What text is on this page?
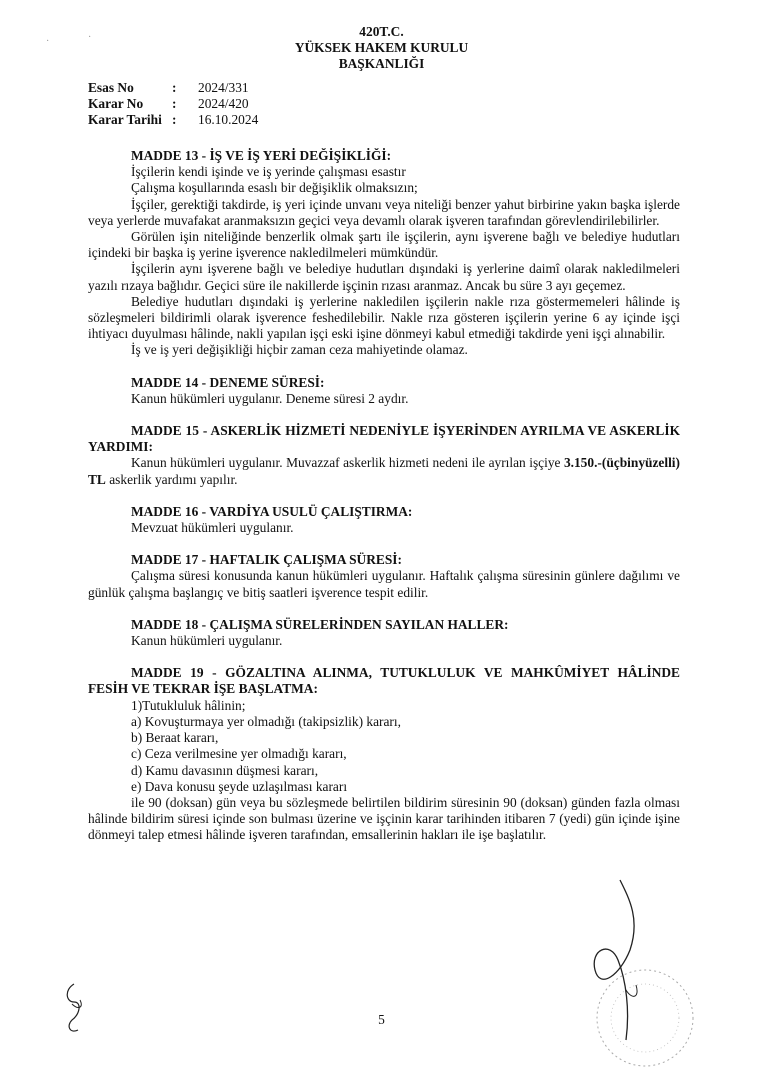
·	·	420T.C.
YÜKSEK HAKEM KURULU
BAŞKANLIĞI
Esas No	:	2024/331
Karar No	:	2024/420
Karar Tarihi :	16.10.2024
MADDE 13 - İŞ VE İŞ YERİ DEĞİŞİKLİĞİ:
İşçilerin kendi işinde ve iş yerinde çalışması esastır
Çalışma koşullarında esaslı bir değişiklik olmaksızın;
İşçiler, gerektiği takdirde, iş yeri içinde unvanı veya niteliği benzer yahut birbirine yakın başka işlerde veya yerlerde muvafakat aranmaksızın geçici veya devamlı olarak işveren tarafından görevlendirilebilirler.
Görülen işin niteliğinde benzerlik olmak şartı ile işçilerin, aynı işverene bağlı ve belediye hudutları içindeki bir başka iş yerine işverence nakledilmeleri mümkündür.
İşçilerin aynı işverene bağlı ve belediye hudutları dışındaki iş yerlerine daimî olarak nakledilmeleri yazılı rızaya bağlıdır. Geçici süre ile nakillerde işçinin rızası aranmaz. Ancak bu süre 3 ayı geçemez.
Belediye hudutları dışındaki iş yerlerine nakledilen işçilerin nakle rıza göstermemeleri hâlinde iş sözleşmeleri bildirimli olarak işverence feshedilebilir. Nakle rıza gösteren işçilerin yerine 6 ay içinde işçi ihtiyacı duyulması hâlinde, nakli yapılan işçi eski işine dönmeyi kabul etmediği takdirde yeni işçi alınabilir.
İş ve iş yeri değişikliği hiçbir zaman ceza mahiyetinde olamaz.
MADDE 14 - DENEME SÜRESİ:
Kanun hükümleri uygulanır. Deneme süresi 2 aydır.
MADDE 15 - ASKERLİK HİZMETİ NEDENİYLE İŞYERİNDEN AYRILMA VE ASKERLİK YARDIMI:
Kanun hükümleri uygulanır. Muvazzaf askerlik hizmeti nedeni ile ayrılan işçiye 3.150.-(üçbinyüzelli) TL askerlik yardımı yapılır.
MADDE 16 - VARDİYA USULÜ ÇALIŞTIRMA:
Mevzuat hükümleri uygulanır.
MADDE 17 - HAFTALIK ÇALIŞMA SÜRESİ:
Çalışma süresi konusunda kanun hükümleri uygulanır. Haftalık çalışma süresinin günlere dağılımı ve günlük çalışma başlangıç ve bitiş saatleri işverence tespit edilir.
MADDE 18 - ÇALIŞMA SÜRELERİNDEN SAYILAN HALLER:
Kanun hükümleri uygulanır.
MADDE 19 - GÖZALTINA ALINMA, TUTUKLULUK VE MAHKÛMİYET HÂLİNDE FESİH VE TEKRAR İŞE BAŞLATMA:
1)Tutukluluk hâlinin;
a) Kovuşturmaya yer olmadığı (takipsizlik) kararı,
b) Beraat kararı,
c) Ceza verilmesine yer olmadığı kararı,
d) Kamu davasının düşmesi kararı,
e) Dava konusu şeyde uzlaşılması kararı
ile 90 (doksan) gün veya bu sözleşmede belirtilen bildirim süresinin 90 (doksan) günden fazla olması hâlinde bildirim süresi içinde son bulması üzerine ve işçinin karar tarihinden itibaren 7 (yedi) gün içinde işine dönmeyi talep etmesi hâlinde işveren tarafından, emsallerinin hakları ile işe başlatılır.
5
